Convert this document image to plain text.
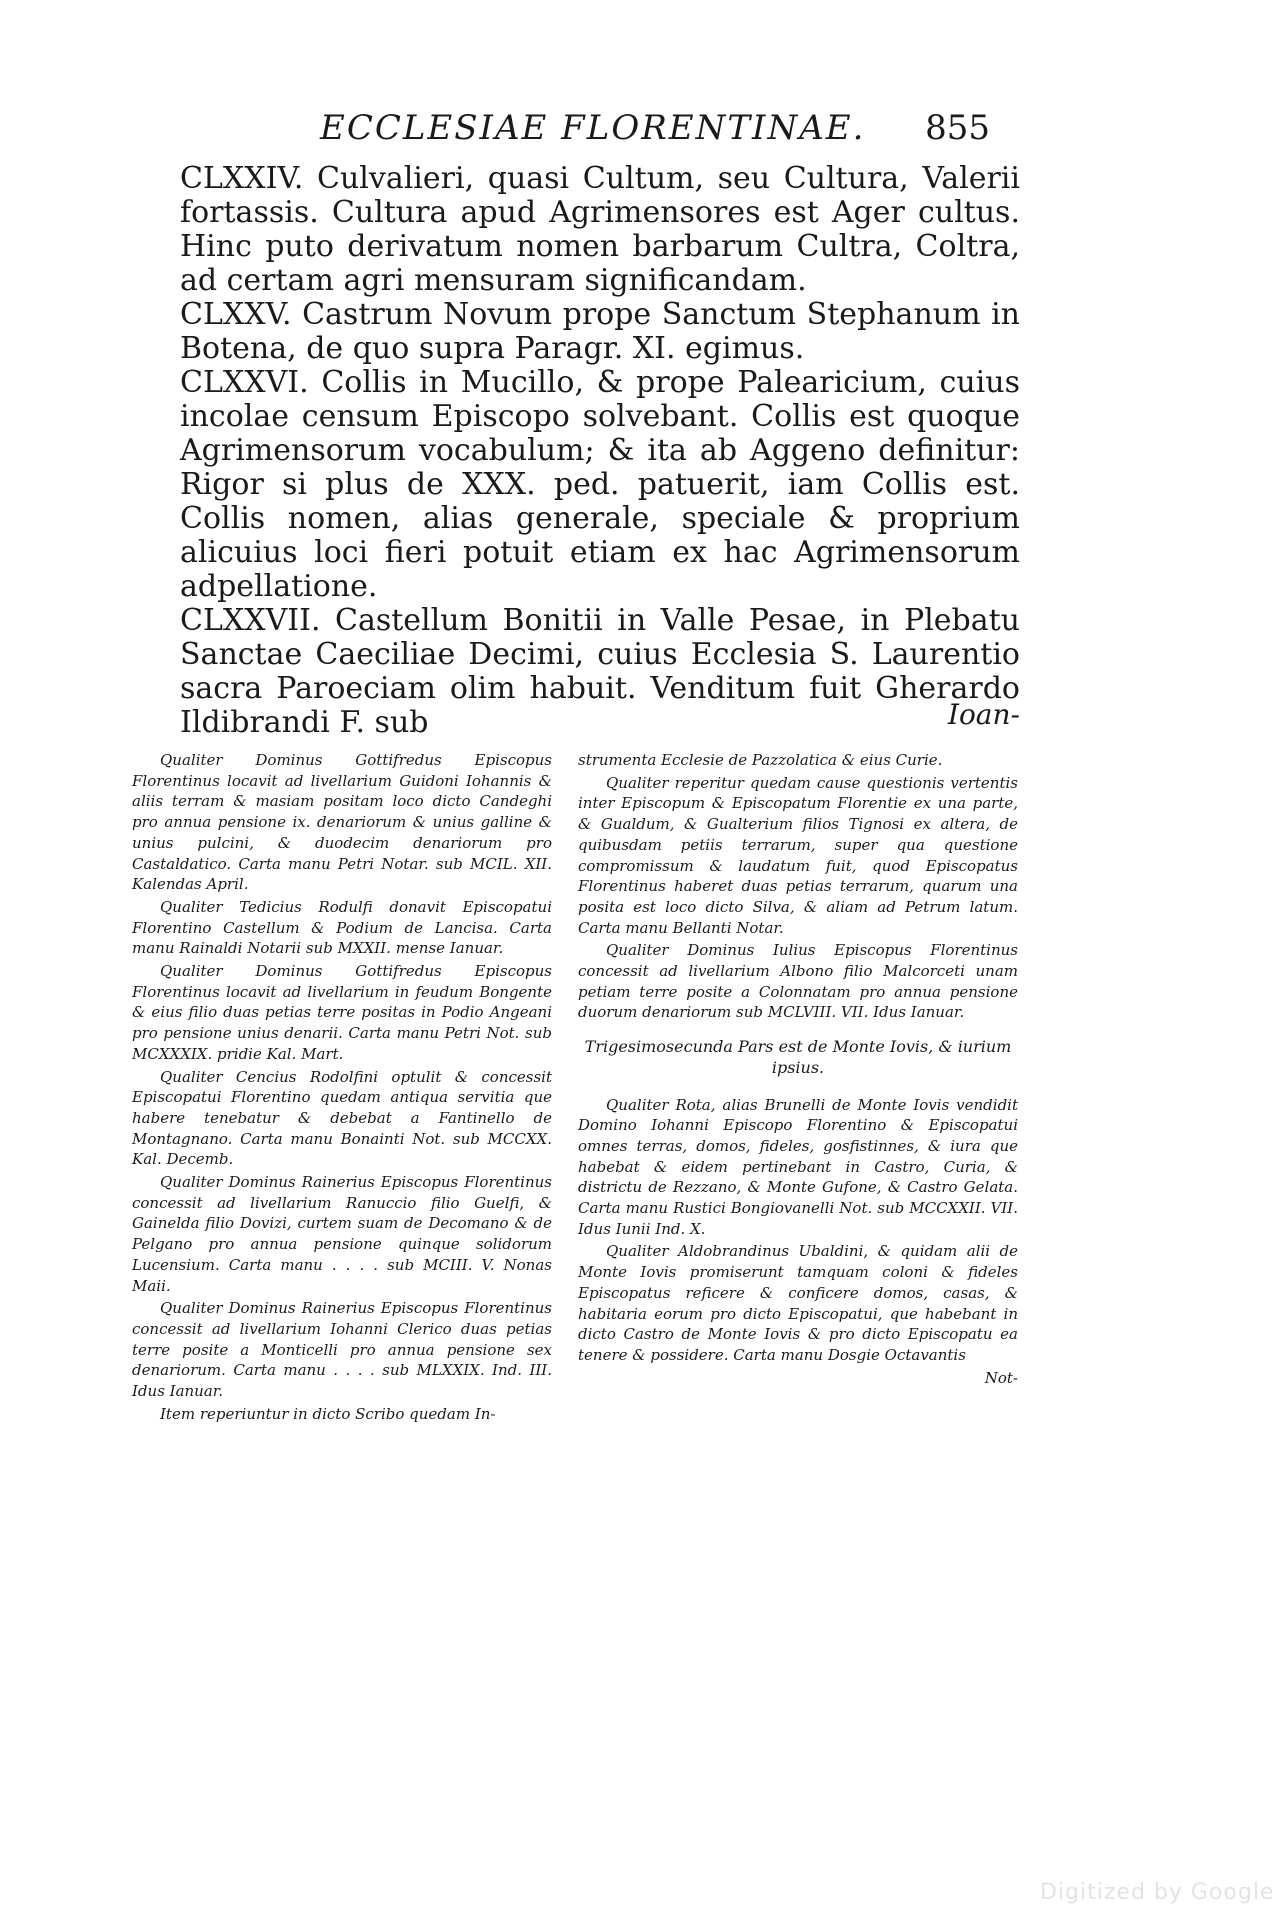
ECCLESIAE FLORENTINAE. 855

CLXXIV. Culvalieri, quasi Cultum, seu Cultura, Valerii fortassis. Cultura apud Agrimensores est Ager cultus. Hinc puto derivatum nomen barbarum Cultra, Coltra, ad certam agri mensuram significandam.

CLXXV. Castrum Novum prope Sanctum Stephanum in Botena, de quo supra Paragr. XI. egimus.

CLXXVI. Collis in Mucillo, & prope Palearicium, cuius incolae censum Episcopo solvebant. Collis est quoque Agrimensorum vocabulum; & ita ab Aggeno definitur: Rigor si plus de XXX. ped. patuerit, iam Collis est. Collis nomen, alias generale, speciale & proprium alicuius loci fieri potuit etiam ex hac Agrimensorum adpellatione.

CLXXVII. Castellum Bonitii in Valle Pesae, in Plebatu Sanctae Caeciliae Decimi, cuius Ecclesia S. Laurentio sacra Paroeciam olim habuit. Venditum fuit Gherardo Ildibrandi F. sub	Ioan-

Qualiter Dominus Gottifredus Episcopus Florentinus locavit ad livellarium Guidoni Iohannis & aliis terram & masiam positam loco dicto Candeghi pro annua pensione ix. denariorum & unius galline & unius pulcini, & duodecim denariorum pro Castaldatico. Carta manu Petri Notar. sub MCIL. XII. Kalendas April.

Qualiter Tedicius Rodulfi donavit Episcopatui Florentino Castellum & Podium de Lancisa. Carta manu Rainaldi Notarii sub MXXII. mense Ianuar.

Qualiter Dominus Gottifredus Episcopus Florentinus locavit ad livellarium in feudum Bongente & eius filio duas petias terre positas in Podio Angeani pro pensione unius denarii. Carta manu Petri Not. sub MCXXXIX. pridie Kal. Mart.

Qualiter Cencius Rodolfini optulit & concessit Episcopatui Florentino quedam antiqua servitia que habere tenebatur & debebat a Fantinello de Montagnano. Carta manu Bonainti Not. sub MCCXX. Kal. Decemb.

Qualiter Dominus Rainerius Episcopus Florentinus concessit ad livellarium Ranuccio filio Guelfi, & Gainelda filio Dovizi, curtem suam de Decomano & de Pelgano pro annua pensione quinque solidorum Lucensium. Carta manu . . . . sub MCIII. V. Nonas Maii.

Qualiter Dominus Rainerius Episcopus Florentinus concessit ad livellarium Iohanni Clerico duas petias terre posite a Monticelli pro annua pensione sex denariorum. Carta manu . . . . sub MLXXIX. Ind. III. Idus Ianuar.

Item reperiuntur in dicto Scribo quedam In-

strumenta Ecclesie de Pazzolatica & eius Curie.

Qualiter reperitur quedam cause questionis vertentis inter Episcopum & Episcopatum Florentie ex una parte, & Gualdum, & Gualterium filios Tignosi ex altera, de quibusdam petiis terrarum, super qua questione compromissum & laudatum fuit, quod Episcopatus Florentinus haberet duas petias terrarum, quarum una posita est loco dicto Silva, & aliam ad Petrum latum. Carta manu Bellanti Notar.

Qualiter Dominus Iulius Episcopus Florentinus concessit ad livellarium Albono filio Malcorceti unam petiam terre posite a Colonnatam pro annua pensione duorum denariorum sub MCLVIII. VII. Idus Ianuar.

Trigesimosecunda Pars est de Monte Iovis, & iurium ipsius.

Qualiter Rota, alias Brunelli de Monte Iovis vendidit Domino Iohanni Episcopo Florentino & Episcopatui omnes terras, domos, fideles, gosfistinnes, & iura que habebat & eidem pertinebant in Castro, Curia, & districtu de Rezzano, & Monte Gufone, & Castro Gelata. Carta manu Rustici Bongiovanelli Not. sub MCCXXII. VII. Idus Iunii Ind. X.

Qualiter Aldobrandinus Ubaldini, & quidam alii de Monte Iovis promiserunt tamquam coloni & fideles Episcopatus reficere & conficere domos, casas, & habitaria eorum pro dicto Episcopatui, que habebant in dicto Castro de Monte Iovis & pro dicto Episcopatu ea tenere & possidere. Carta manu Dosgie Octavantis

Not-

Digitized by Google
